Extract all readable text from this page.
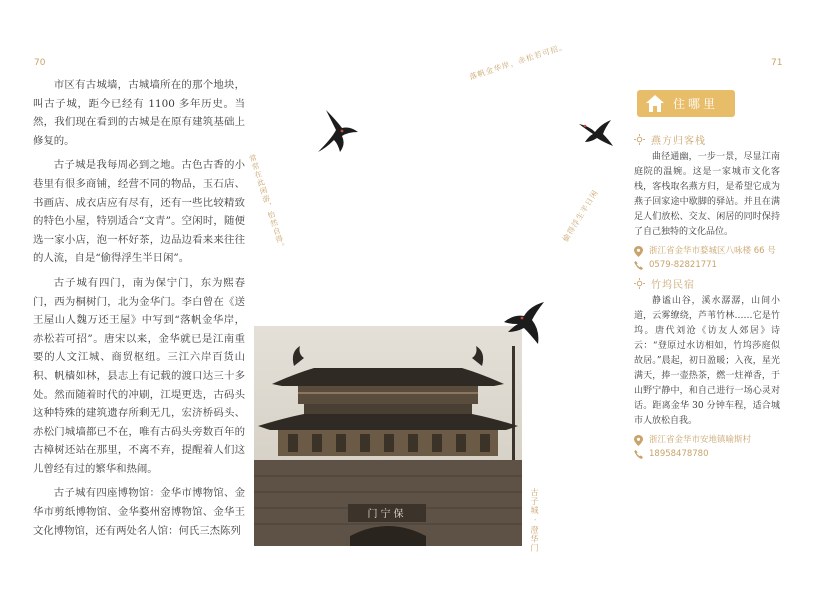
70	71

市区有古城墙，古城墙所在的那个地块，叫古子城，距今已经有 1100 多年历史。当然，我们现在看到的古城是在原有建筑基础上修复的。

古子城是我每周必到之地。古色古香的小巷里有很多商铺，经营不同的物品，玉石店、书画店、成衣店应有尽有，还有一些比较精致的特色小屋，特别适合“文青”。空闲时，随便选一家小店，泡一杯好茶，边品边看来来往往的人流，自是“偷得浮生半日闲”。

古子城有四门，南为保宁门，东为熙春门，西为桐树门，北为金华门。李白曾在《送王屋山人魏万还王屋》中写到“落帆金华岸，赤松若可招”。唐宋以来，金华就已是江南重要的人文江城、商贸枢纽。三江六岸百货山积、帆樯如林，县志上有记载的渡口达三十多处。然而随着时代的冲刷，江堤更迭，古码头这种特殊的建筑遗存所剩无几，宏济桥码头、赤松门城墙都已不在，唯有古码头旁数百年的古樟树还站在那里，不离不弃，提醒着人们这儿曾经有过的繁华和热闹。

古子城有四座博物馆：金华市博物馆、金华市剪纸博物馆、金华婺州窑博物馆、金华王文化博物馆，还有两处名人馆：何氏三杰陈列

门宁保	古子城 · 澄华门
落帆金华岸，赤松若可招。
常常在此闲游，怡然自得。	偷得浮生半日闲
住哪里
燕方归客栈

曲径通幽，一步一景，尽显江南庭院的温婉。这是一家城市文化客栈，客栈取名燕方归，是希望它成为燕子回家途中歇脚的驿站。并且在满足人们放松、交友、闲居的同时保持了自己独特的文化品位。

浙江省金华市婺城区八咏楼 66 号
0579-82821771
竹坞民宿

静谧山谷，溪水潺潺，山间小道，云雾缭绕，芦苇竹林……它是竹坞。唐代刘沧《访友人郊居》诗云：“登原过水访相如，竹坞莎庭似故居。”晨起，初日盈暖；入夜，星光满天，捧一壶热茶，燃一炷禅香，于山野宁静中，和自己进行一场心灵对话。距离金华 30 分钟车程，适合城市人放松自我。

浙江省金华市安地镇喻斯村
18958478780
